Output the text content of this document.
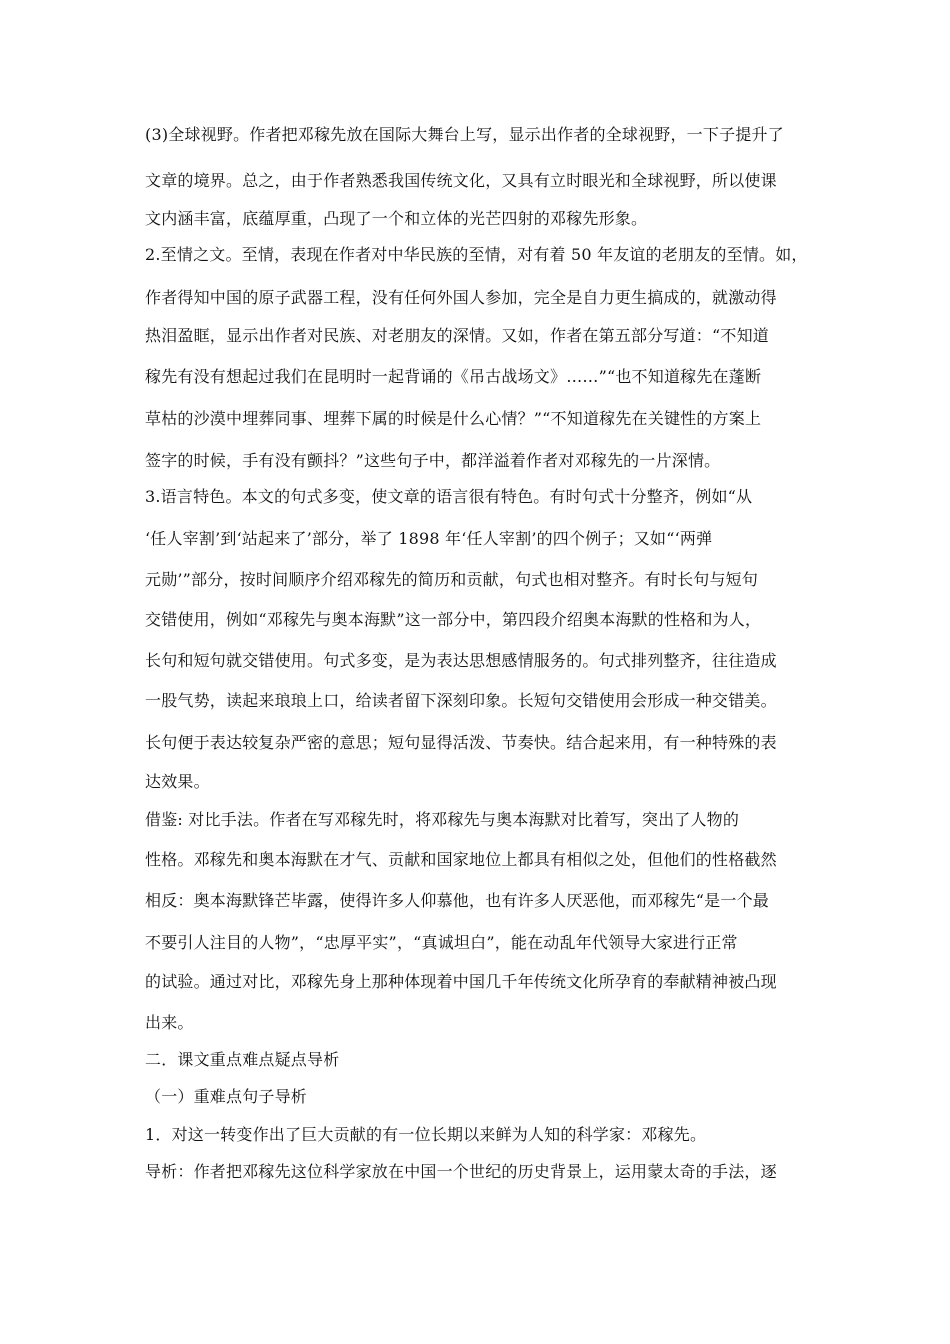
(3)全球视野。作者把邓稼先放在国际大舞台上写，显示出作者的全球视野，一下子提升了
文章的境界。总之，由于作者熟悉我国传统文化，又具有立时眼光和全球视野，所以使课
文内涵丰富，底蕴厚重，凸现了一个和立体的光芒四射的邓稼先形象。
2.至情之文。至情，表现在作者对中华民族的至情，对有着 50 年友谊的老朋友的至情。如，
作者得知中国的原子武器工程，没有任何外国人参加，完全是自力更生搞成的，就激动得
热泪盈眶，显示出作者对民族、对老朋友的深情。又如，作者在第五部分写道：“不知道
稼先有没有想起过我们在昆明时一起背诵的《吊古战场文》……”“也不知道稼先在蓬断
草枯的沙漠中埋葬同事、埋葬下属的时候是什么心情？”“不知道稼先在关键性的方案上
签字的时候，手有没有颤抖？”这些句子中，都洋溢着作者对邓稼先的一片深情。
3.语言特色。本文的句式多变，使文章的语言很有特色。有时句式十分整齐，例如“从
‘任人宰割’到‘站起来了’部分，举了 1898 年‘任人宰割’的四个例子；又如“‘两弹
元勋’”部分，按时间顺序介绍邓稼先的简历和贡献，句式也相对整齐。有时长句与短句
交错使用，例如“邓稼先与奥本海默”这一部分中，第四段介绍奥本海默的性格和为人，
长句和短句就交错使用。句式多变，是为表达思想感情服务的。句式排列整齐，往往造成
一股气势，读起来琅琅上口，给读者留下深刻印象。长短句交错使用会形成一种交错美。
长句便于表达较复杂严密的意思；短句显得活泼、节奏快。结合起来用，有一种特殊的表
达效果。
借鉴: 对比手法。作者在写邓稼先时，将邓稼先与奥本海默对比着写，突出了人物的
性格。邓稼先和奥本海默在才气、贡献和国家地位上都具有相似之处，但他们的性格截然
相反：奥本海默锋芒毕露，使得许多人仰慕他，也有许多人厌恶他，而邓稼先“是一个最
不要引人注目的人物”，“忠厚平实”，“真诚坦白”，能在动乱年代领导大家进行正常
的试验。通过对比，邓稼先身上那种体现着中国几千年传统文化所孕育的奉献精神被凸现
出来。
二．课文重点难点疑点导析
（一）重难点句子导析
1．对这一转变作出了巨大贡献的有一位长期以来鲜为人知的科学家：邓稼先。
导析：作者把邓稼先这位科学家放在中国一个世纪的历史背景上，运用蒙太奇的手法，逐
